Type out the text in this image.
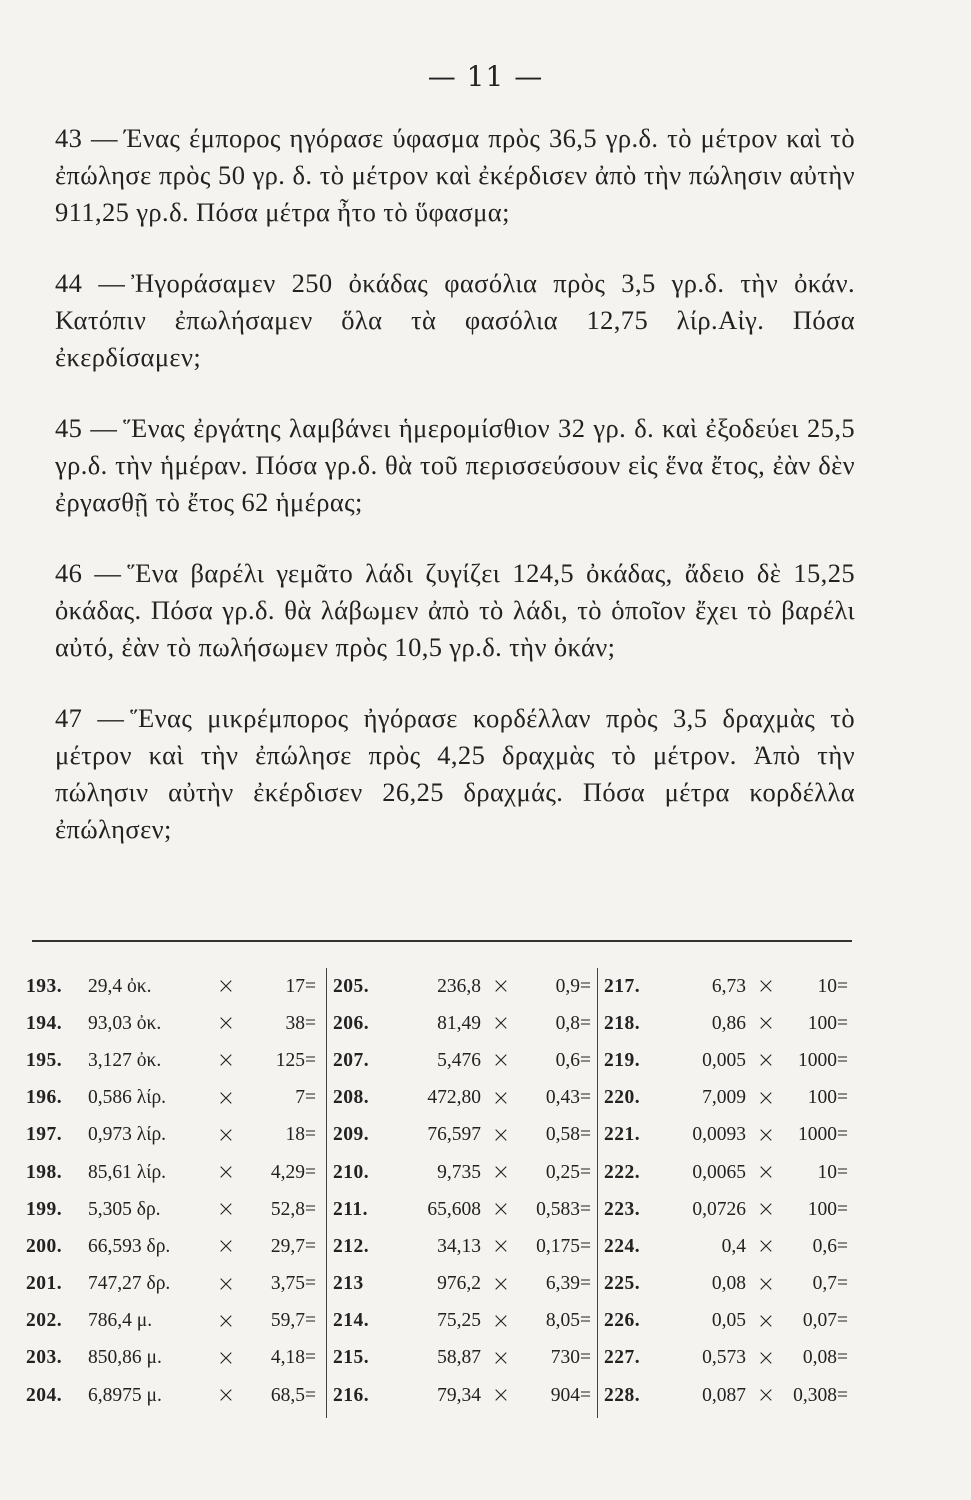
— 11 —

43 — Ένας έμπορος ηγόρασε ύφασμα πρὸς 36,5 γρ.δ. τὸ μέτρον καὶ τὸ ἐπώλησε πρὸς 50 γρ. δ. τὸ μέτρον καὶ ἐκέρδισεν ἀπὸ τὴν πώλησιν αὐτὴν 911,25 γρ.δ. Πόσα μέτρα ἦτο τὸ ὕφασμα;

44 — Ἠγοράσαμεν 250 ὀκάδας φασόλια πρὸς 3,5 γρ.δ. τὴν ὀκάν. Κατόπιν ἐπωλήσαμεν ὅλα τὰ φασόλια 12,75 λίρ.Αἰγ. Πόσα ἐκερδίσαμεν;

45 — Ἕνας ἐργάτης λαμβάνει ἡμερομίσθιον 32 γρ. δ. καὶ ἐξοδεύει 25,5 γρ.δ. τὴν ἡμέραν. Πόσα γρ.δ. θὰ τοῦ περισσεύσουν εἰς ἕνα ἔτος, ἐὰν δὲν ἐργασθῇ τὸ ἔτος 62 ἡμέρας;

46 — Ἕνα βαρέλι γεμᾶτο λάδι ζυγίζει 124,5 ὀκάδας, ἄδειο δὲ 15,25 ὀκάδας. Πόσα γρ.δ. θὰ λάβωμεν ἀπὸ τὸ λάδι, τὸ ὁποῖον ἔχει τὸ βαρέλι αὐτό, ἐὰν τὸ πωλήσωμεν πρὸς 10,5 γρ.δ. τὴν ὀκάν;

47 — Ἕνας μικρέμπορος ἠγόρασε κορδέλλαν πρὸς 3,5 δραχμὰς τὸ μέτρον καὶ τὴν ἐπώλησε πρὸς 4,25 δραχμὰς τὸ μέτρον. Ἀπὸ τὴν πώλησιν αὐτὴν ἐκέρδισεν 26,25 δραχμάς. Πόσα μέτρα κορδέλλα ἐπώλησεν;

193.	29,4 ὀκ.	×	17=
194.	93,03 ὀκ.	×	38=
195.	3,127 ὀκ.	×	125=
196.	0,586 λίρ.	×	7=
197.	0,973 λίρ.	×	18=
198.	85,61 λίρ.	×	4,29=
199.	5,305 δρ.	×	52,8=
200.	66,593 δρ.	×	29,7=
201.	747,27 δρ.	×	3,75=
202.	786,4 μ.	×	59,7=
203.	850,86 μ.	×	4,18=
204.	6,8975 μ.	×	68,5=
205.	236,8 ×	0,9=
206.	81,49 ×	0,8=
207.	5,476 ×	0,6=
208.	472,80 ×	0,43=
209.	76,597 ×	0,58=
210.	9,735 ×	0,25=
211.	65,608 ×	0,583=
212.	34,13 ×	0,175=
213	976,2 ×	6,39=
214.	75,25 ×	8,05=
215.	58,87 ×	730=
216.	79,34 ×	904=
217.	6,73 ×	10=
218.	0,86 ×	100=
219.	0,005 ×	1000=
220.	7,009 ×	100=
221.	0,0093 ×	1000=
222.	0,0065 ×	10=
223.	0,0726 ×	100=
224.	0,4 ×	0,6=
225.	0,08 ×	0,7=
226.	0,05 ×	0,07=
227.	0,573 ×	0,08=
228.	0,087 × 0,308=
